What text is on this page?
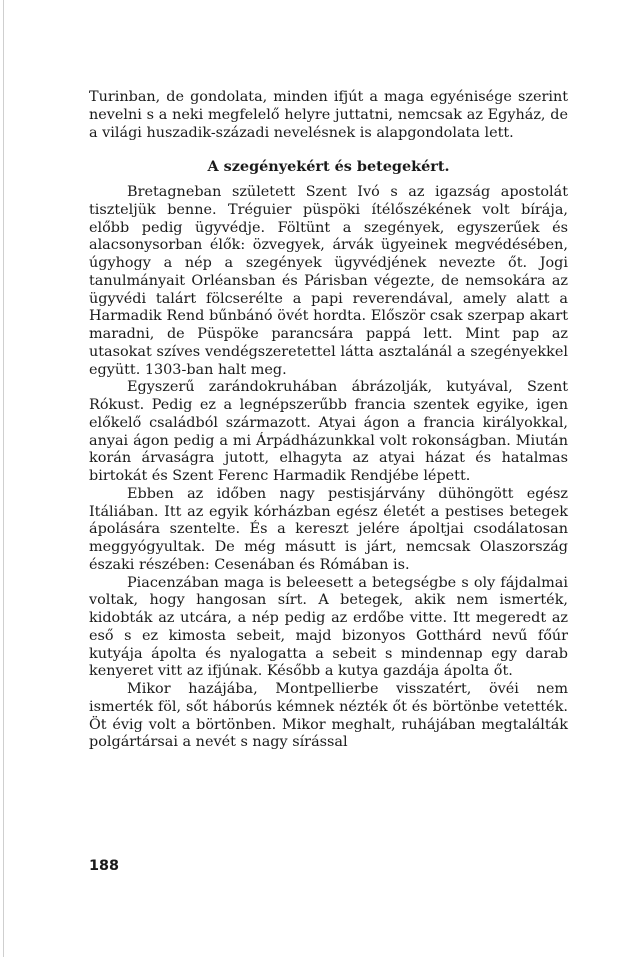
Turinban, de gondolata, minden ifjút a maga egyénisége szerint nevelni s a neki megfelelő helyre juttatni, nemcsak az Egyház, de a világi huszadik-századi nevelésnek is alapgondolata lett.

A szegényekért és betegekért.

Bretagneban született Szent Ivó s az igazság apostolát tiszteljük benne. Tréguier püspöki ítélőszékének volt bírája, előbb pedig ügyvédje. Föltünt a szegények, egyszerűek és alacsonysorban élők: özvegyek, árvák ügyeinek megvédésében, úgyhogy a nép a szegények ügyvédjének nevezte őt. Jogi tanulmányait Orléansban és Párisban végezte, de nemsokára az ügyvédi talárt fölcserélte a papi reverendával, amely alatt a Harmadik Rend bűnbánó övét hordta. Először csak szerpap akart maradni, de Püspöke parancsára pappá lett. Mint pap az utasokat szíves vendégszeretettel látta asztalánál a szegényekkel együtt. 1303-ban halt meg.

Egyszerű zarándokruhában ábrázolják, kutyával, Szent Rókust. Pedig ez a legnépszerűbb francia szentek egyike, igen előkelő családból származott. Atyai ágon a francia királyokkal, anyai ágon pedig a mi Árpádházunkkal volt rokonságban. Miután korán árvaságra jutott, elhagyta az atyai házat és hatalmas birtokát és Szent Ferenc Harmadik Rendjébe lépett.

Ebben az időben nagy pestisjárvány dühöngött egész Itáliában. Itt az egyik kórházban egész életét a pestises betegek ápolására szentelte. És a kereszt jelére ápoltjai csodálatosan meggyógyultak. De még másutt is járt, nemcsak Olaszország északi részében: Cesenában és Rómában is.

Piacenzában maga is beleesett a betegségbe s oly fájdalmai voltak, hogy hangosan sírt. A betegek, akik nem ismerték, kidobták az utcára, a nép pedig az erdőbe vitte. Itt megeredt az eső s ez kimosta sebeit, majd bizonyos Gotthárd nevű főúr kutyája ápolta és nyalogatta a sebeit s mindennap egy darab kenyeret vitt az ifjúnak. Később a kutya gazdája ápolta őt.

Mikor hazájába, Montpellierbe visszatért, övéi nem ismerték föl, sőt háborús kémnek nézték őt és börtönbe vetették. Öt évig volt a börtönben. Mikor meghalt, ruhájában megtalálták polgártársai a nevét s nagy sírással

188
